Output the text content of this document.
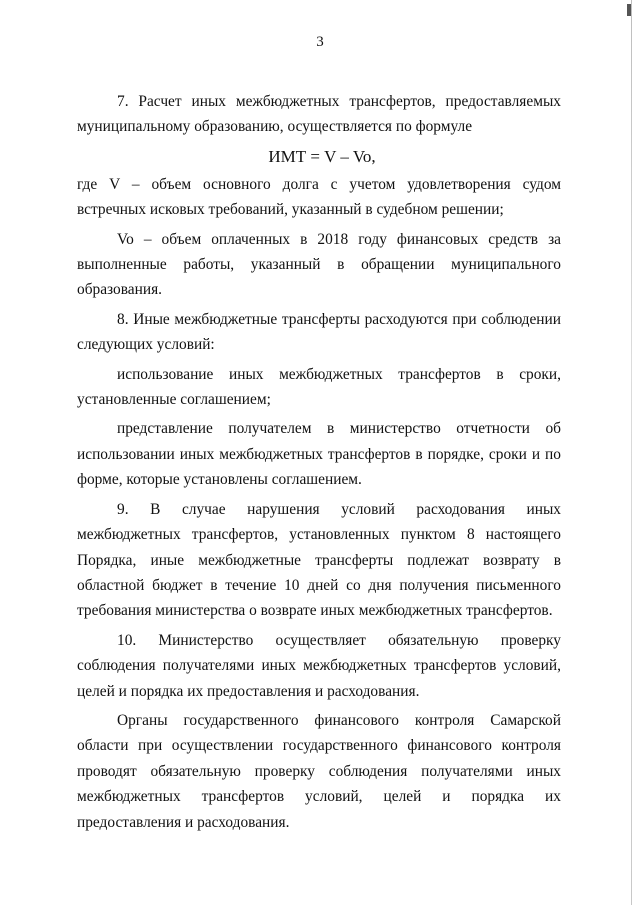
3

7. Расчет иных межбюджетных трансфертов, предоставляемых муниципальному образованию, осуществляется по формуле

ИМТ = V – Vo,

где V – объем основного долга с учетом удовлетворения судом встречных исковых требований, указанный в судебном решении;

Vo – объем оплаченных в 2018 году финансовых средств за выполненные работы, указанный в обращении муниципального образования.

8. Иные межбюджетные трансферты расходуются при соблюдении следующих условий:

использование иных межбюджетных трансфертов в сроки, установленные соглашением;

представление получателем в министерство отчетности об использовании иных межбюджетных трансфертов в порядке, сроки и по форме, которые установлены соглашением.

9. В случае нарушения условий расходования иных межбюджетных трансфертов, установленных пунктом 8 настоящего Порядка, иные межбюджетные трансферты подлежат возврату в областной бюджет в течение 10 дней со дня получения письменного требования министерства о возврате иных межбюджетных трансфертов.

10. Министерство осуществляет обязательную проверку соблюдения получателями иных межбюджетных трансфертов условий, целей и порядка их предоставления и расходования.

Органы государственного финансового контроля Самарской области при осуществлении государственного финансового контроля проводят обязательную проверку соблюдения получателями иных межбюджетных трансфертов условий, целей и порядка их предоставления и расходования.
